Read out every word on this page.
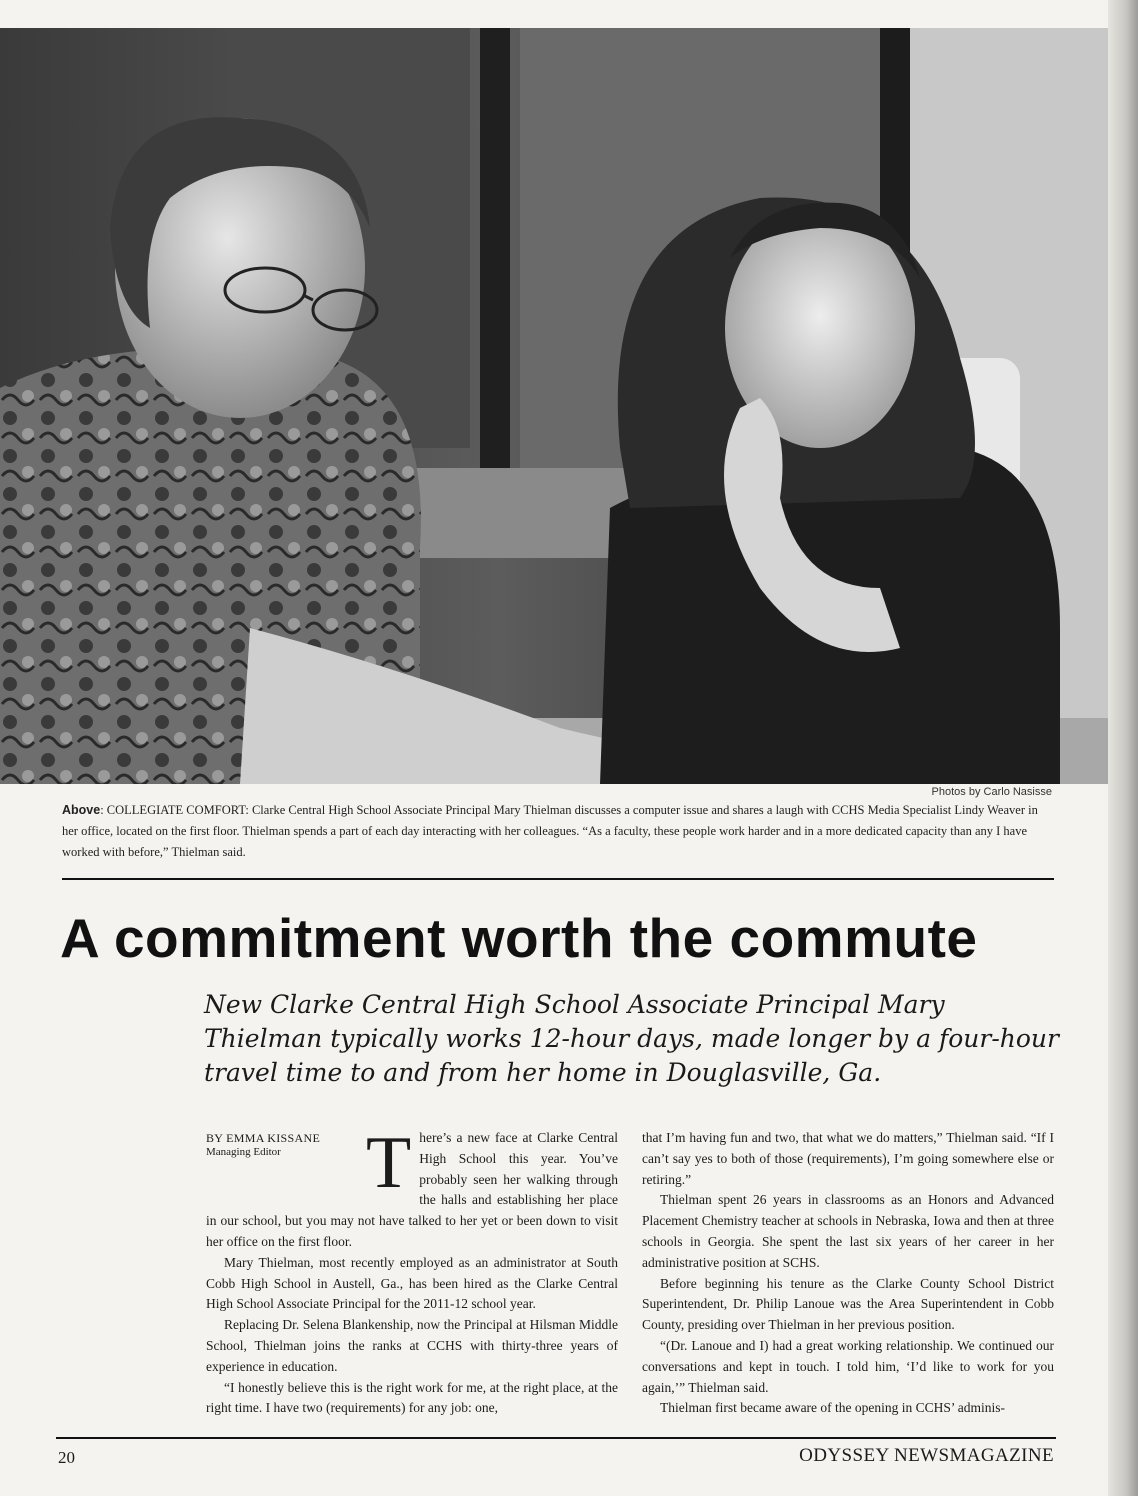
Photos by Carlo Nasisse
Above: COLLEGIATE COMFORT: Clarke Central High School Associate Principal Mary Thielman discusses a computer issue and shares a laugh with CCHS Media Specialist Lindy Weaver in her office, located on the first floor. Thielman spends a part of each day interacting with her colleagues. “As a faculty, these people work harder and in a more dedicated capacity than any I have worked with before,” Thielman said.
A commitment worth the commute

New Clarke Central High School Associate Principal Mary Thielman typically works 12-hour days, made longer by a four-hour travel time to and from her home in Douglasville, Ga.

BY EMMA KISSANE
Managing Editor	There’s a new face at Clarke Central High School this year. You’ve probably seen her walking through the halls and establishing her place in our school, but you may not have talked to her yet or been down to visit her office on the first floor.

Mary Thielman, most recently employed as an administrator at South Cobb High School in Austell, Ga., has been hired as the Clarke Central High School Associate Principal for the 2011-12 school year.

Replacing Dr. Selena Blankenship, now the Principal at Hilsman Middle School, Thielman joins the ranks at CCHS with thirty-three years of experience in education.

“I honestly believe this is the right work for me, at the right place, at the right time. I have two (requirements) for any job: one,

that I’m having fun and two, that what we do matters,” Thielman said. “If I can’t say yes to both of those (requirements), I’m going somewhere else or retiring.”

Thielman spent 26 years in classrooms as an Honors and Advanced Placement Chemistry teacher at schools in Nebraska, Iowa and then at three schools in Georgia. She spent the last six years of her career in her administrative position at SCHS.

Before beginning his tenure as the Clarke County School District Superintendent, Dr. Philip Lanoue was the Area Superintendent in Cobb County, presiding over Thielman in her previous position.

“(Dr. Lanoue and I) had a great working relationship. We continued our conversations and kept in touch. I told him, ‘I’d like to work for you again,’” Thielman said.

Thielman first became aware of the opening in CCHS’ adminis-

20	ODYSSEY NEWSMAGAZINE
